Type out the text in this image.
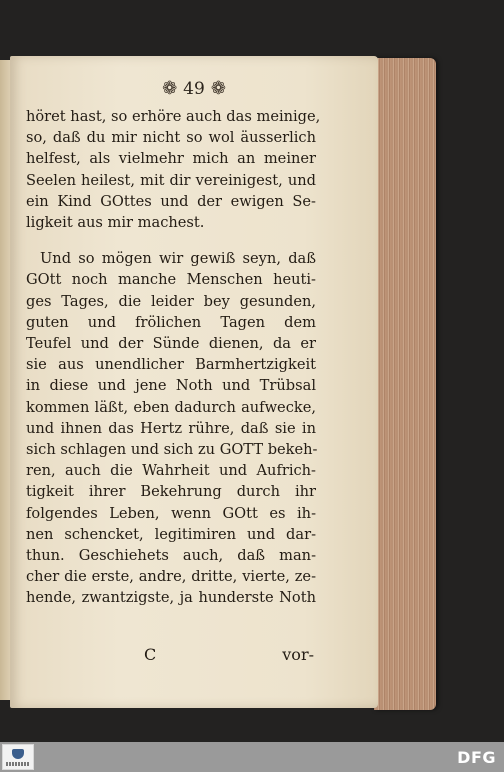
❁ 49 ❁
höret hast, so erhöre auch das meinige,
so, daß du mir nicht so wol äusserlich
helfest, als vielmehr mich an meiner
Seelen heilest, mit dir vereinigest, und
ein Kind GOttes und der ewigen Se-
ligkeit aus mir machest.
Und so mögen wir gewiß seyn, daß
GOtt noch manche Menschen heuti-
ges Tages, die leider bey gesunden,
guten und frölichen Tagen dem
Teufel und der Sünde dienen, da er
sie aus unendlicher Barmhertzigkeit
in diese und jene Noth und Trübsal
kommen läßt, eben dadurch aufwecke,
und ihnen das Hertz rühre, daß sie in
sich schlagen und sich zu GOTT bekeh-
ren, auch die Wahrheit und Aufrich-
tigkeit ihrer Bekehrung durch ihr
folgendes Leben, wenn GOtt es ih-
nen schencket, legitimiren und dar-
thun. Geschiehets auch, daß man-
cher die erste, andre, dritte, vierte, ze-
hende, zwantzigste, ja hunderste Noth
C	vor-
DFG
